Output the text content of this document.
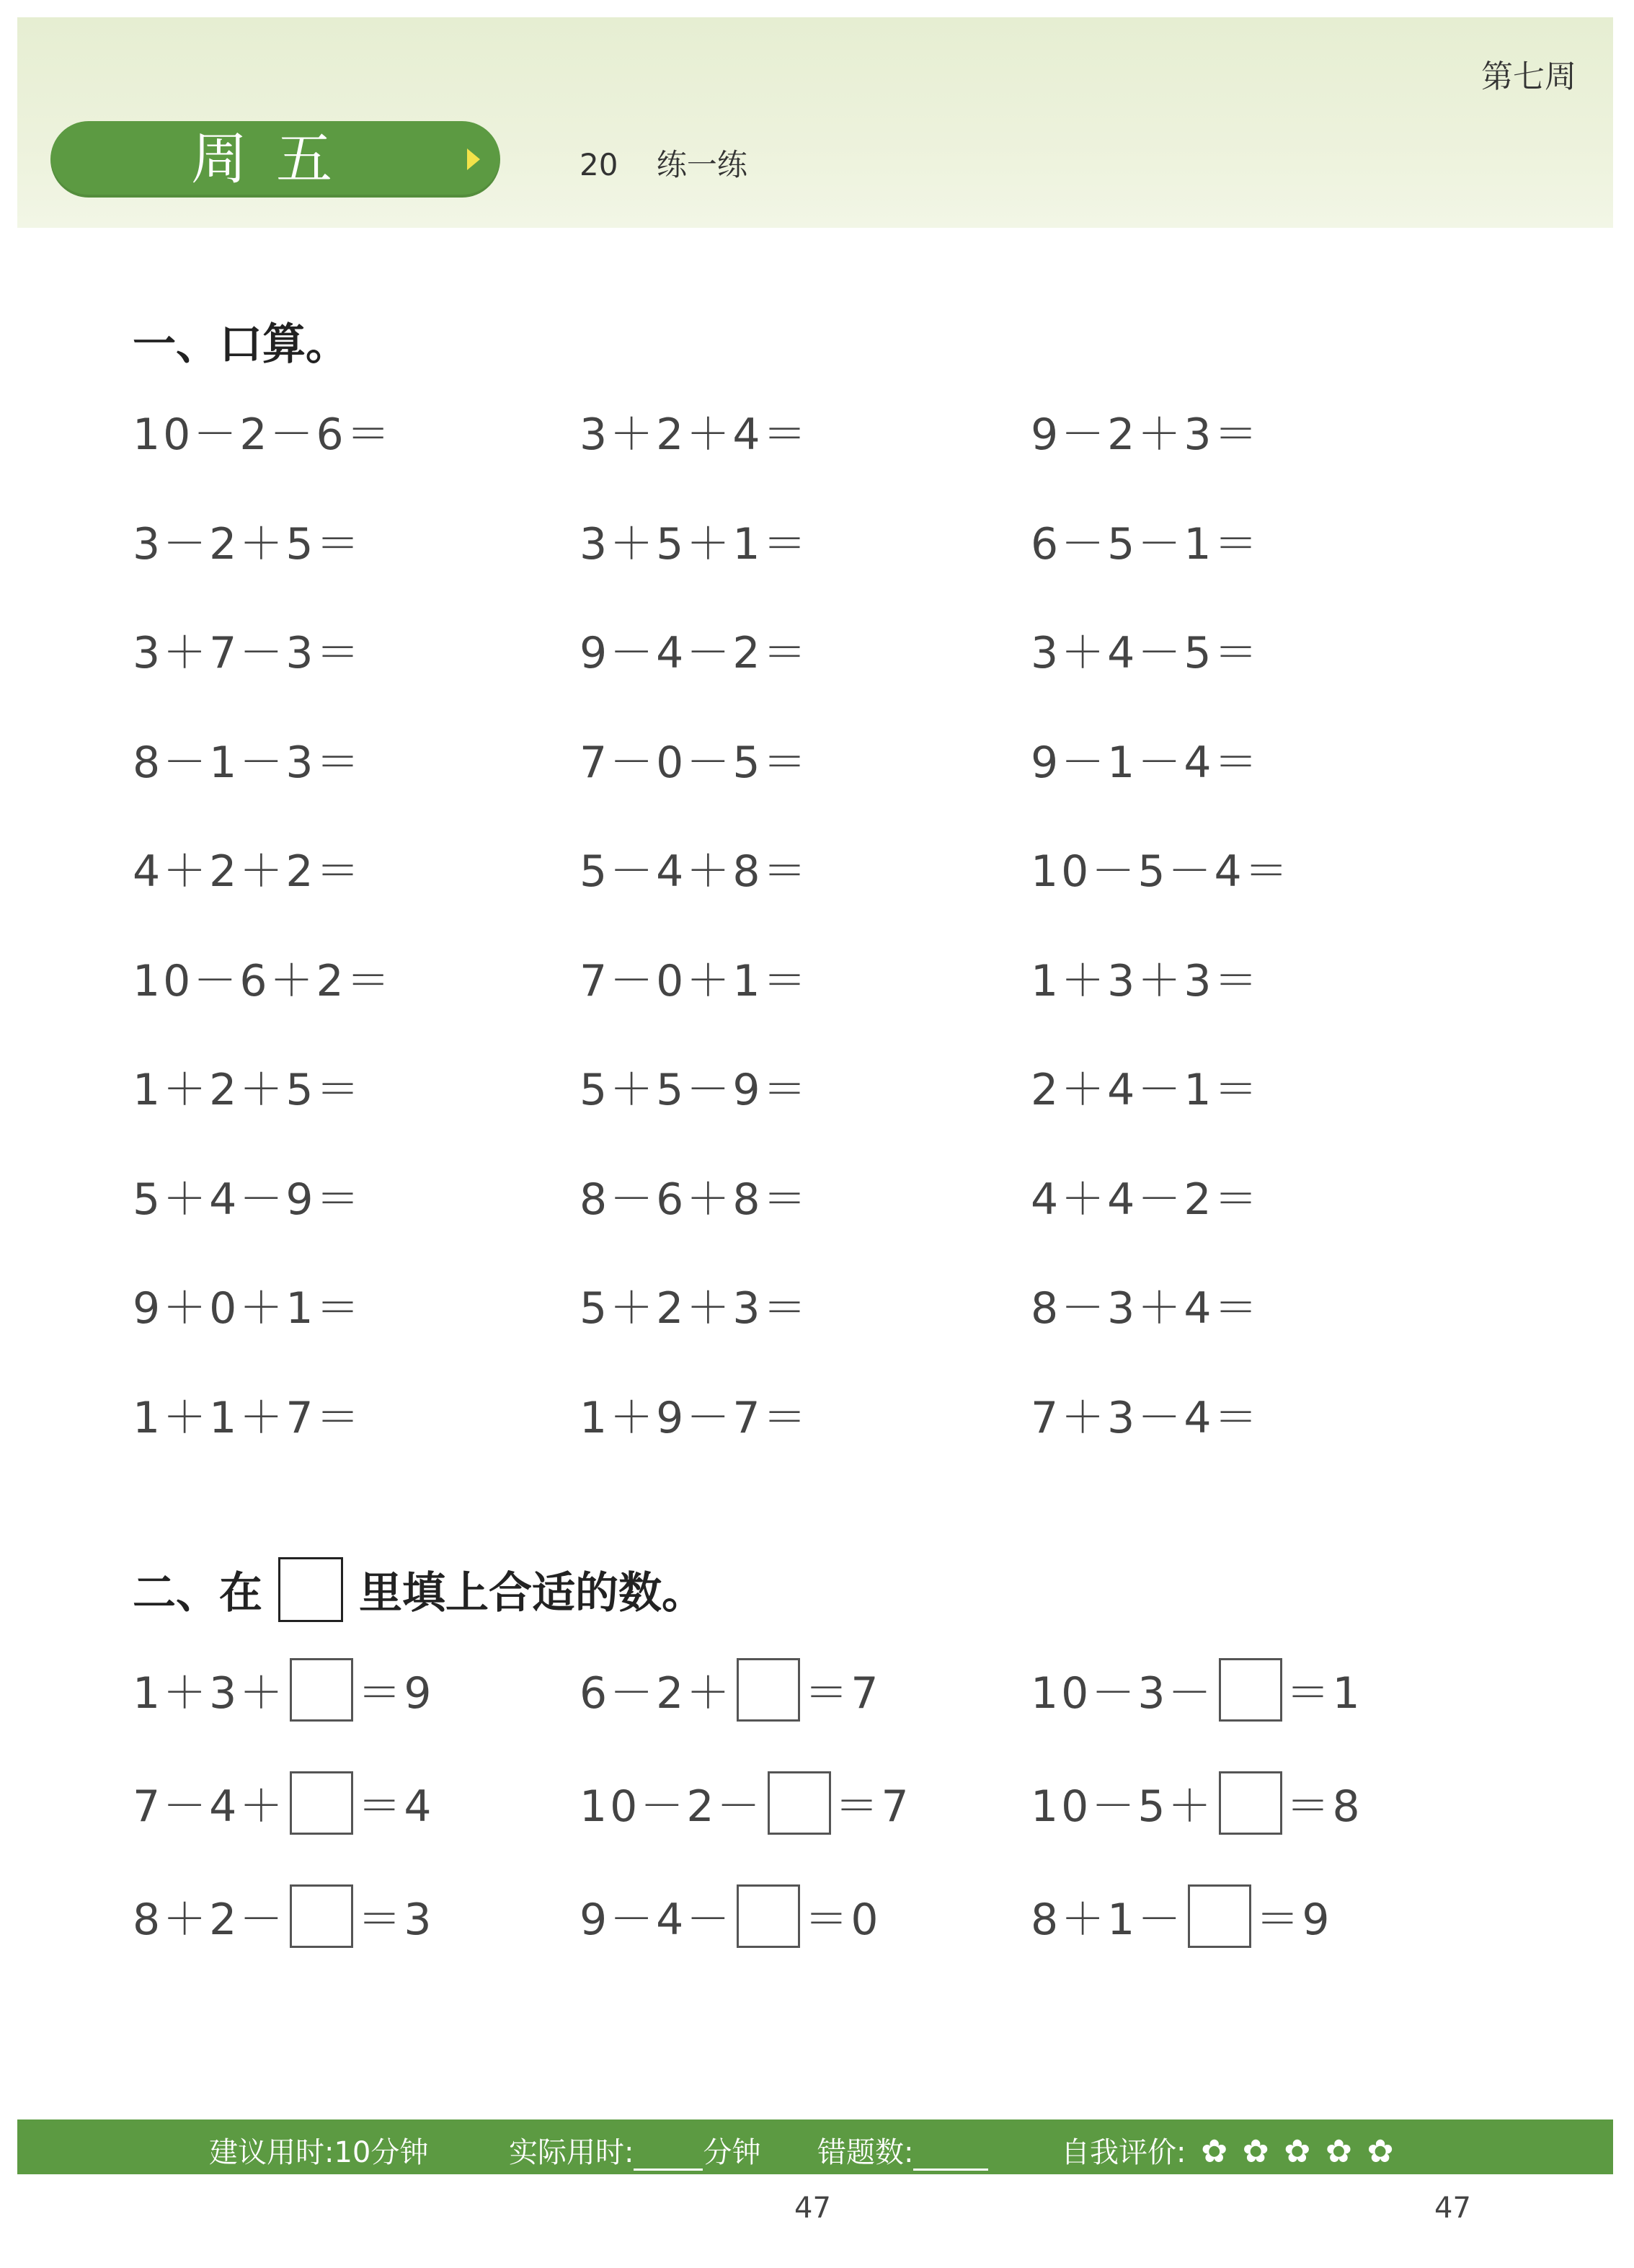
第七周
周五	20 练一练
一、口算。
10－2－6＝	3＋2＋4＝	9－2＋3＝
3－2＋5＝	3＋5＋1＝	6－5－1＝
3＋7－3＝	9－4－2＝	3＋4－5＝
8－1－3＝	7－0－5＝	9－1－4＝
4＋2＋2＝	5－4＋8＝	10－5－4＝
10－6＋2＝	7－0＋1＝	1＋3＋3＝
1＋2＋5＝	5＋5－9＝	2＋4－1＝
5＋4－9＝	8－6＋8＝	4＋4－2＝
9＋0＋1＝	5＋2＋3＝	8－3＋4＝
1＋1＋7＝	1＋9－7＝	7＋3－4＝
二、在 里填上合适的数。
1＋3＋ ＝9	6－2＋ ＝7	10－3－ ＝1
7－4＋ ＝4	10－2－ ＝7	10－5＋ ＝8
8＋2－ ＝3	9－4－ ＝0	8＋1－ ＝9
建议用时:10分钟	实际用时: 分钟 错题数:	自我评价: ✿ ✿ ✿ ✿ ✿
47	47
